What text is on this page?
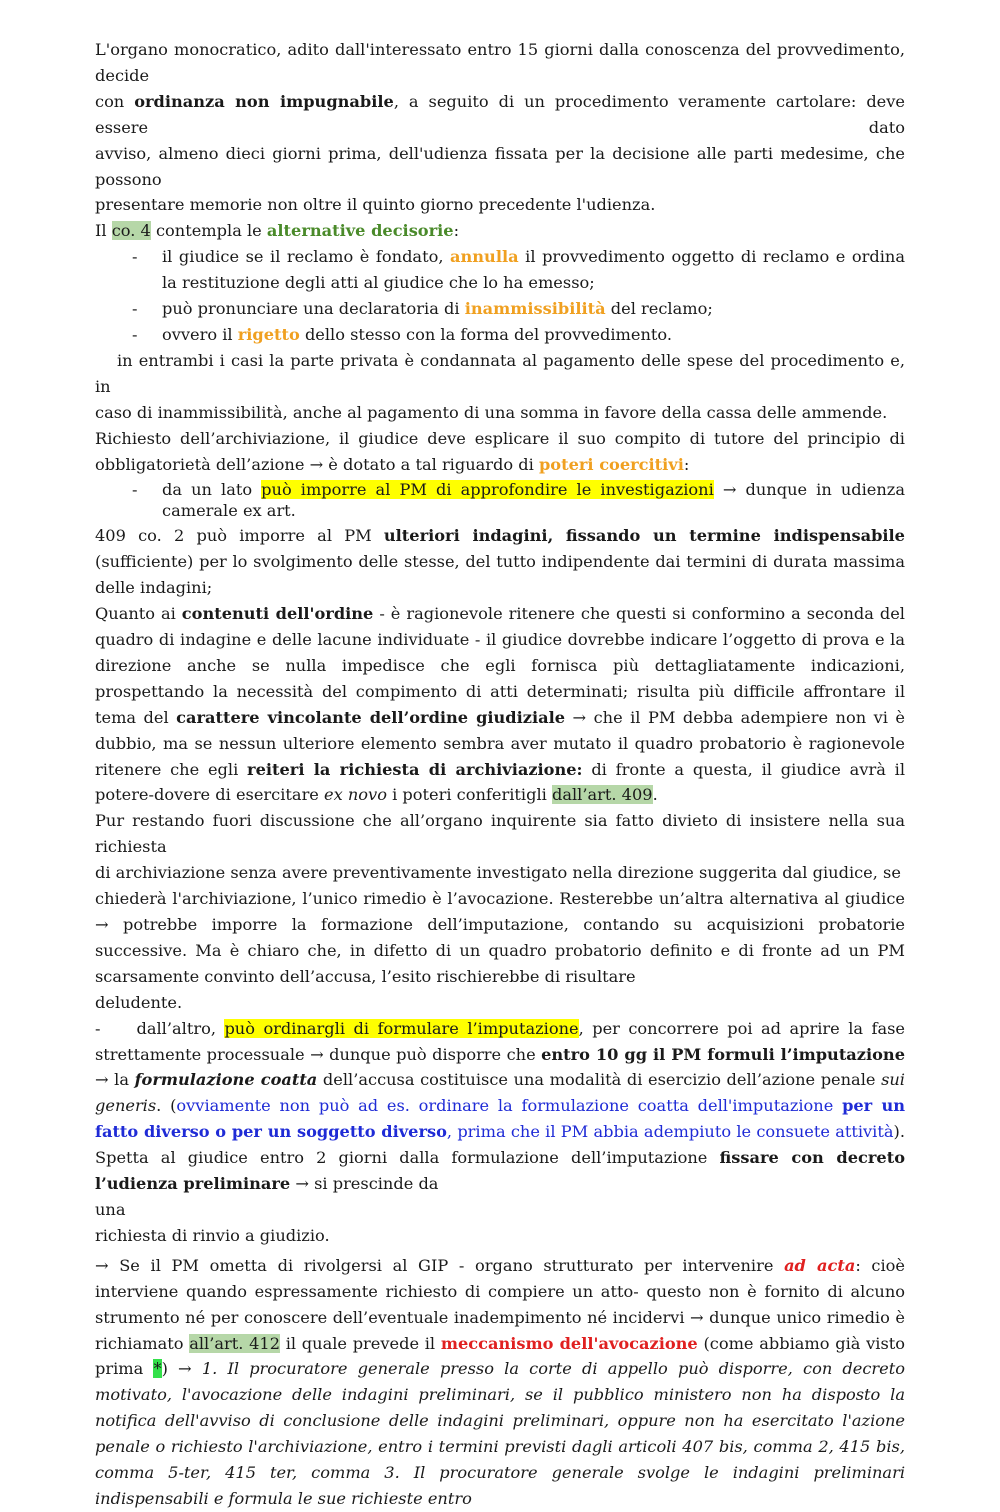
L'organo monocratico, adito dall'interessato entro 15 giorni dalla conoscenza del provvedimento, decide
con ordinanza non impugnabile, a seguito di un procedimento veramente cartolare: deve essere dato
avviso, almeno dieci giorni prima, dell'udienza fissata per la decisione alle parti medesime, che possono
presentare memorie non oltre il quinto giorno precedente l'udienza.

Il co. 4 contempla le alternative decisorie:

- il giudice se il reclamo è fondato, annulla il provvedimento oggetto di reclamo e ordina la restituzione degli atti al giudice che lo ha emesso;
- può pronunciare una declaratoria di inammissibilità del reclamo;
- ovvero il rigetto dello stesso con la forma del provvedimento.

in entrambi i casi la parte privata è condannata al pagamento delle spese del procedimento e, in
caso di inammissibilità, anche al pagamento di una somma in favore della cassa delle ammende.

Richiesto dell’archiviazione, il giudice deve esplicare il suo compito di tutore del principio di
obbligatorietà dell’azione → è dotato a tal riguardo di poteri coercitivi:

- da un lato può imporre al PM di approfondire le investigazioni → dunque in udienza camerale ex art.

409 co. 2 può imporre al PM ulteriori indagini, fissando un termine indispensabile (sufficiente) per lo svolgimento delle stesse, del tutto indipendente dai termini di durata massima delle indagini;

Quanto ai contenuti dell'ordine - è ragionevole ritenere che questi si conformino a seconda del quadro di indagine e delle lacune individuate - il giudice dovrebbe indicare l’oggetto di prova e la direzione anche se nulla impedisce che egli fornisca più dettagliatamente indicazioni, prospettando la necessità del compimento di atti determinati; risulta più difficile affrontare il tema del carattere vincolante dell’ordine giudiziale → che il PM debba adempiere non vi è dubbio, ma se nessun ulteriore elemento sembra aver mutato il quadro probatorio è ragionevole ritenere che egli reiteri la richiesta di archiviazione: di fronte a questa, il giudice avrà il potere-dovere di esercitare ex novo i poteri conferitigli dall’art. 409.

Pur restando fuori discussione che all’organo inquirente sia fatto divieto di insistere nella sua richiesta
di archiviazione senza avere preventivamente investigato nella direzione suggerita dal giudice, se
chiederà l'archiviazione, l’unico rimedio è l’avocazione. Resterebbe un’altra alternativa al giudice → potrebbe imporre la formazione dell’imputazione, contando su acquisizioni probatorie successive. Ma è chiaro che, in difetto di un quadro probatorio definito e di fronte ad un PM scarsamente convinto dell’accusa, l’esito rischierebbe di risultare
deludente.

- dall’altro, può ordinargli di formulare l’imputazione, per concorrere poi ad aprire la fase strettamente processuale → dunque può disporre che entro 10 gg il PM formuli l’imputazione → la formulazione coatta dell’accusa costituisce una modalità di esercizio dell’azione penale sui generis. (ovviamente non può ad es. ordinare la formulazione coatta dell'imputazione per un fatto diverso o per un soggetto diverso, prima che il PM abbia adempiuto le consuete attività). Spetta al giudice entro 2 giorni dalla formulazione dell’imputazione fissare con decreto l’udienza preliminare → si prescinde da
una
richiesta di rinvio a giudizio.

→ Se il PM ometta di rivolgersi al GIP - organo strutturato per intervenire ad acta: cioè interviene quando espressamente richiesto di compiere un atto- questo non è fornito di alcuno strumento né per conoscere dell’eventuale inadempimento né incidervi → dunque unico rimedio è richiamato all’art. 412 il quale prevede il meccanismo dell'avocazione (come abbiamo già visto prima *) → 1. Il procuratore generale presso la corte di appello può disporre, con decreto motivato, l'avocazione delle indagini preliminari, se il pubblico ministero non ha disposto la notifica dell'avviso di conclusione delle indagini preliminari, oppure non ha esercitato l'azione penale o richiesto l'archiviazione, entro i termini previsti dagli articoli 407 bis, comma 2, 415 bis, comma 5-ter, 415 ter, comma 3. Il procuratore generale svolge le indagini preliminari indispensabili e formula le sue richieste entro
